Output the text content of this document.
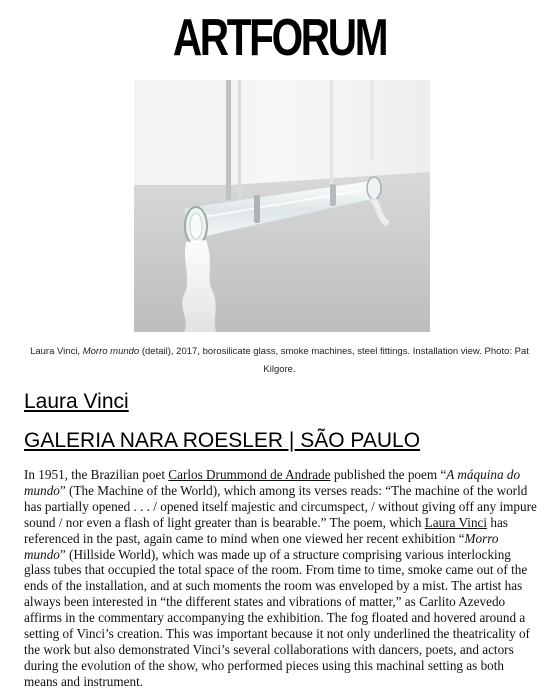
ARTFORUM
Laura Vinci, Morro mundo (detail), 2017, borosilicate glass, smoke machines, steel fittings. Installation view. Photo: Pat Kilgore.
Laura Vinci
GALERIA NARA ROESLER | SÃO PAULO

In 1951, the Brazilian poet Carlos Drummond de Andrade published the poem “A máquina do mundo” (The Machine of the World), which among its verses reads: “The machine of the world has partially opened . . . / opened itself majestic and circumspect, / without giving off any impure sound / nor even a flash of light greater than is bearable.” The poem, which Laura Vinci has referenced in the past, again came to mind when one viewed her recent exhibition “Morro mundo” (Hillside World), which was made up of a structure comprising various interlocking glass tubes that occupied the total space of the room. From time to time, smoke came out of the ends of the installation, and at such moments the room was enveloped by a mist. The artist has always been interested in “the different states and vibrations of matter,” as Carlito Azevedo affirms in the commentary accompanying the exhibition. The fog floated and hovered around a setting of Vinci’s creation. This was important because it not only underlined the theatricality of the work but also demonstrated Vinci’s several collaborations with dancers, poets, and actors during the evolution of the show, who performed pieces using this machinal setting as both means and instrument.
